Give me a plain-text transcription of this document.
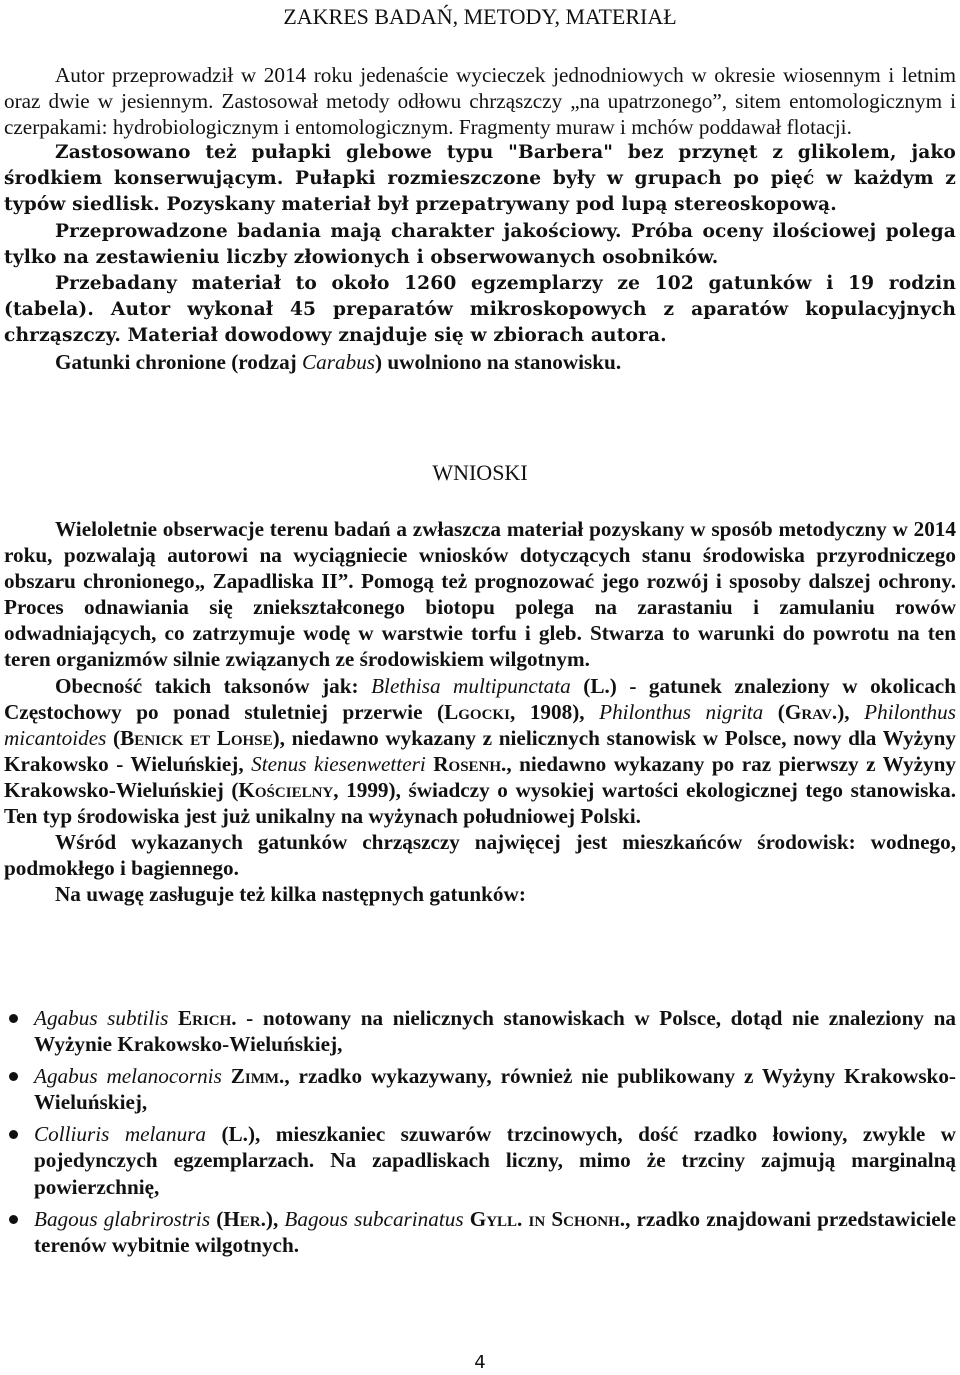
ZAKRES BADAŃ, METODY, MATERIAŁ

Autor przeprowadził w 2014 roku jedenaście wycieczek jednodniowych w okresie wiosennym i letnim oraz dwie w jesiennym. Zastosował metody odłowu chrząszczy „na upatrzonego”, sitem entomologicznym i czerpakami: hydrobiologicznym i entomologicznym. Fragmenty muraw i mchów poddawał flotacji.

Zastosowano też pułapki glebowe typu "Barbera" bez przynęt z glikolem, jako środkiem konserwującym. Pułapki rozmieszczone były w grupach po pięć w każdym z typów siedlisk. Pozyskany materiał był przepatrywany pod lupą stereoskopową.

Przeprowadzone badania mają charakter jakościowy. Próba oceny ilościowej polega tylko na zestawieniu liczby złowionych i obserwowanych osobników.

Przebadany materiał to około 1260 egzemplarzy ze 102 gatunków i 19 rodzin (tabela). Autor wykonał 45 preparatów mikroskopowych z aparatów kopulacyjnych chrząszczy. Materiał dowodowy znajduje się w zbiorach autora.

Gatunki chronione (rodzaj Carabus) uwolniono na stanowisku.

WNIOSKI

Wieloletnie obserwacje terenu badań a zwłaszcza materiał pozyskany w sposób metodyczny w 2014 roku, pozwalają autorowi na wyciągniecie wniosków dotyczących stanu środowiska przyrodniczego obszaru chronionego„ Zapadliska II”. Pomogą też prognozować jego rozwój i sposoby dalszej ochrony. Proces odnawiania się zniekształconego biotopu polega na zarastaniu i zamulaniu rowów odwadniających, co zatrzymuje wodę w warstwie torfu i gleb. Stwarza to warunki do powrotu na ten teren organizmów silnie związanych ze środowiskiem wilgotnym.

Obecność takich taksonów jak: Blethisa multipunctata (L.) - gatunek znaleziony w okolicach Częstochowy po ponad stuletniej przerwie (Lgocki, 1908), Philonthus nigrita (Grav.), Philonthus micantoides (Benick et Lohse), niedawno wykazany z nielicznych stanowisk w Polsce, nowy dla Wyżyny Krakowsko - Wieluńskiej, Stenus kiesenwetteri Rosenh., niedawno wykazany po raz pierwszy z Wyżyny Krakowsko-Wieluńskiej (Kościelny, 1999), świadczy o wysokiej wartości ekologicznej tego stanowiska. Ten typ środowiska jest już unikalny na wyżynach południowej Polski.

Wśród wykazanych gatunków chrząszczy najwięcej jest mieszkańców środowisk: wodnego, podmokłego i bagiennego.

Na uwagę zasługuje też kilka następnych gatunków:

Agabus subtilis Erich. - notowany na nielicznych stanowiskach w Polsce, dotąd nie znaleziony na Wyżynie Krakowsko-Wieluńskiej,
Agabus melanocornis Zimm., rzadko wykazywany, również nie publikowany z Wyżyny Krakowsko-Wieluńskiej,
Colliuris melanura (L.), mieszkaniec szuwarów trzcinowych, dość rzadko łowiony, zwykle w pojedynczych egzemplarzach. Na zapadliskach liczny, mimo że trzciny zajmują marginalną powierzchnię,
Bagous glabrirostris (Her.), Bagous subcarinatus Gyll. in Schonh., rzadko znajdowani przedstawiciele terenów wybitnie wilgotnych.
4
